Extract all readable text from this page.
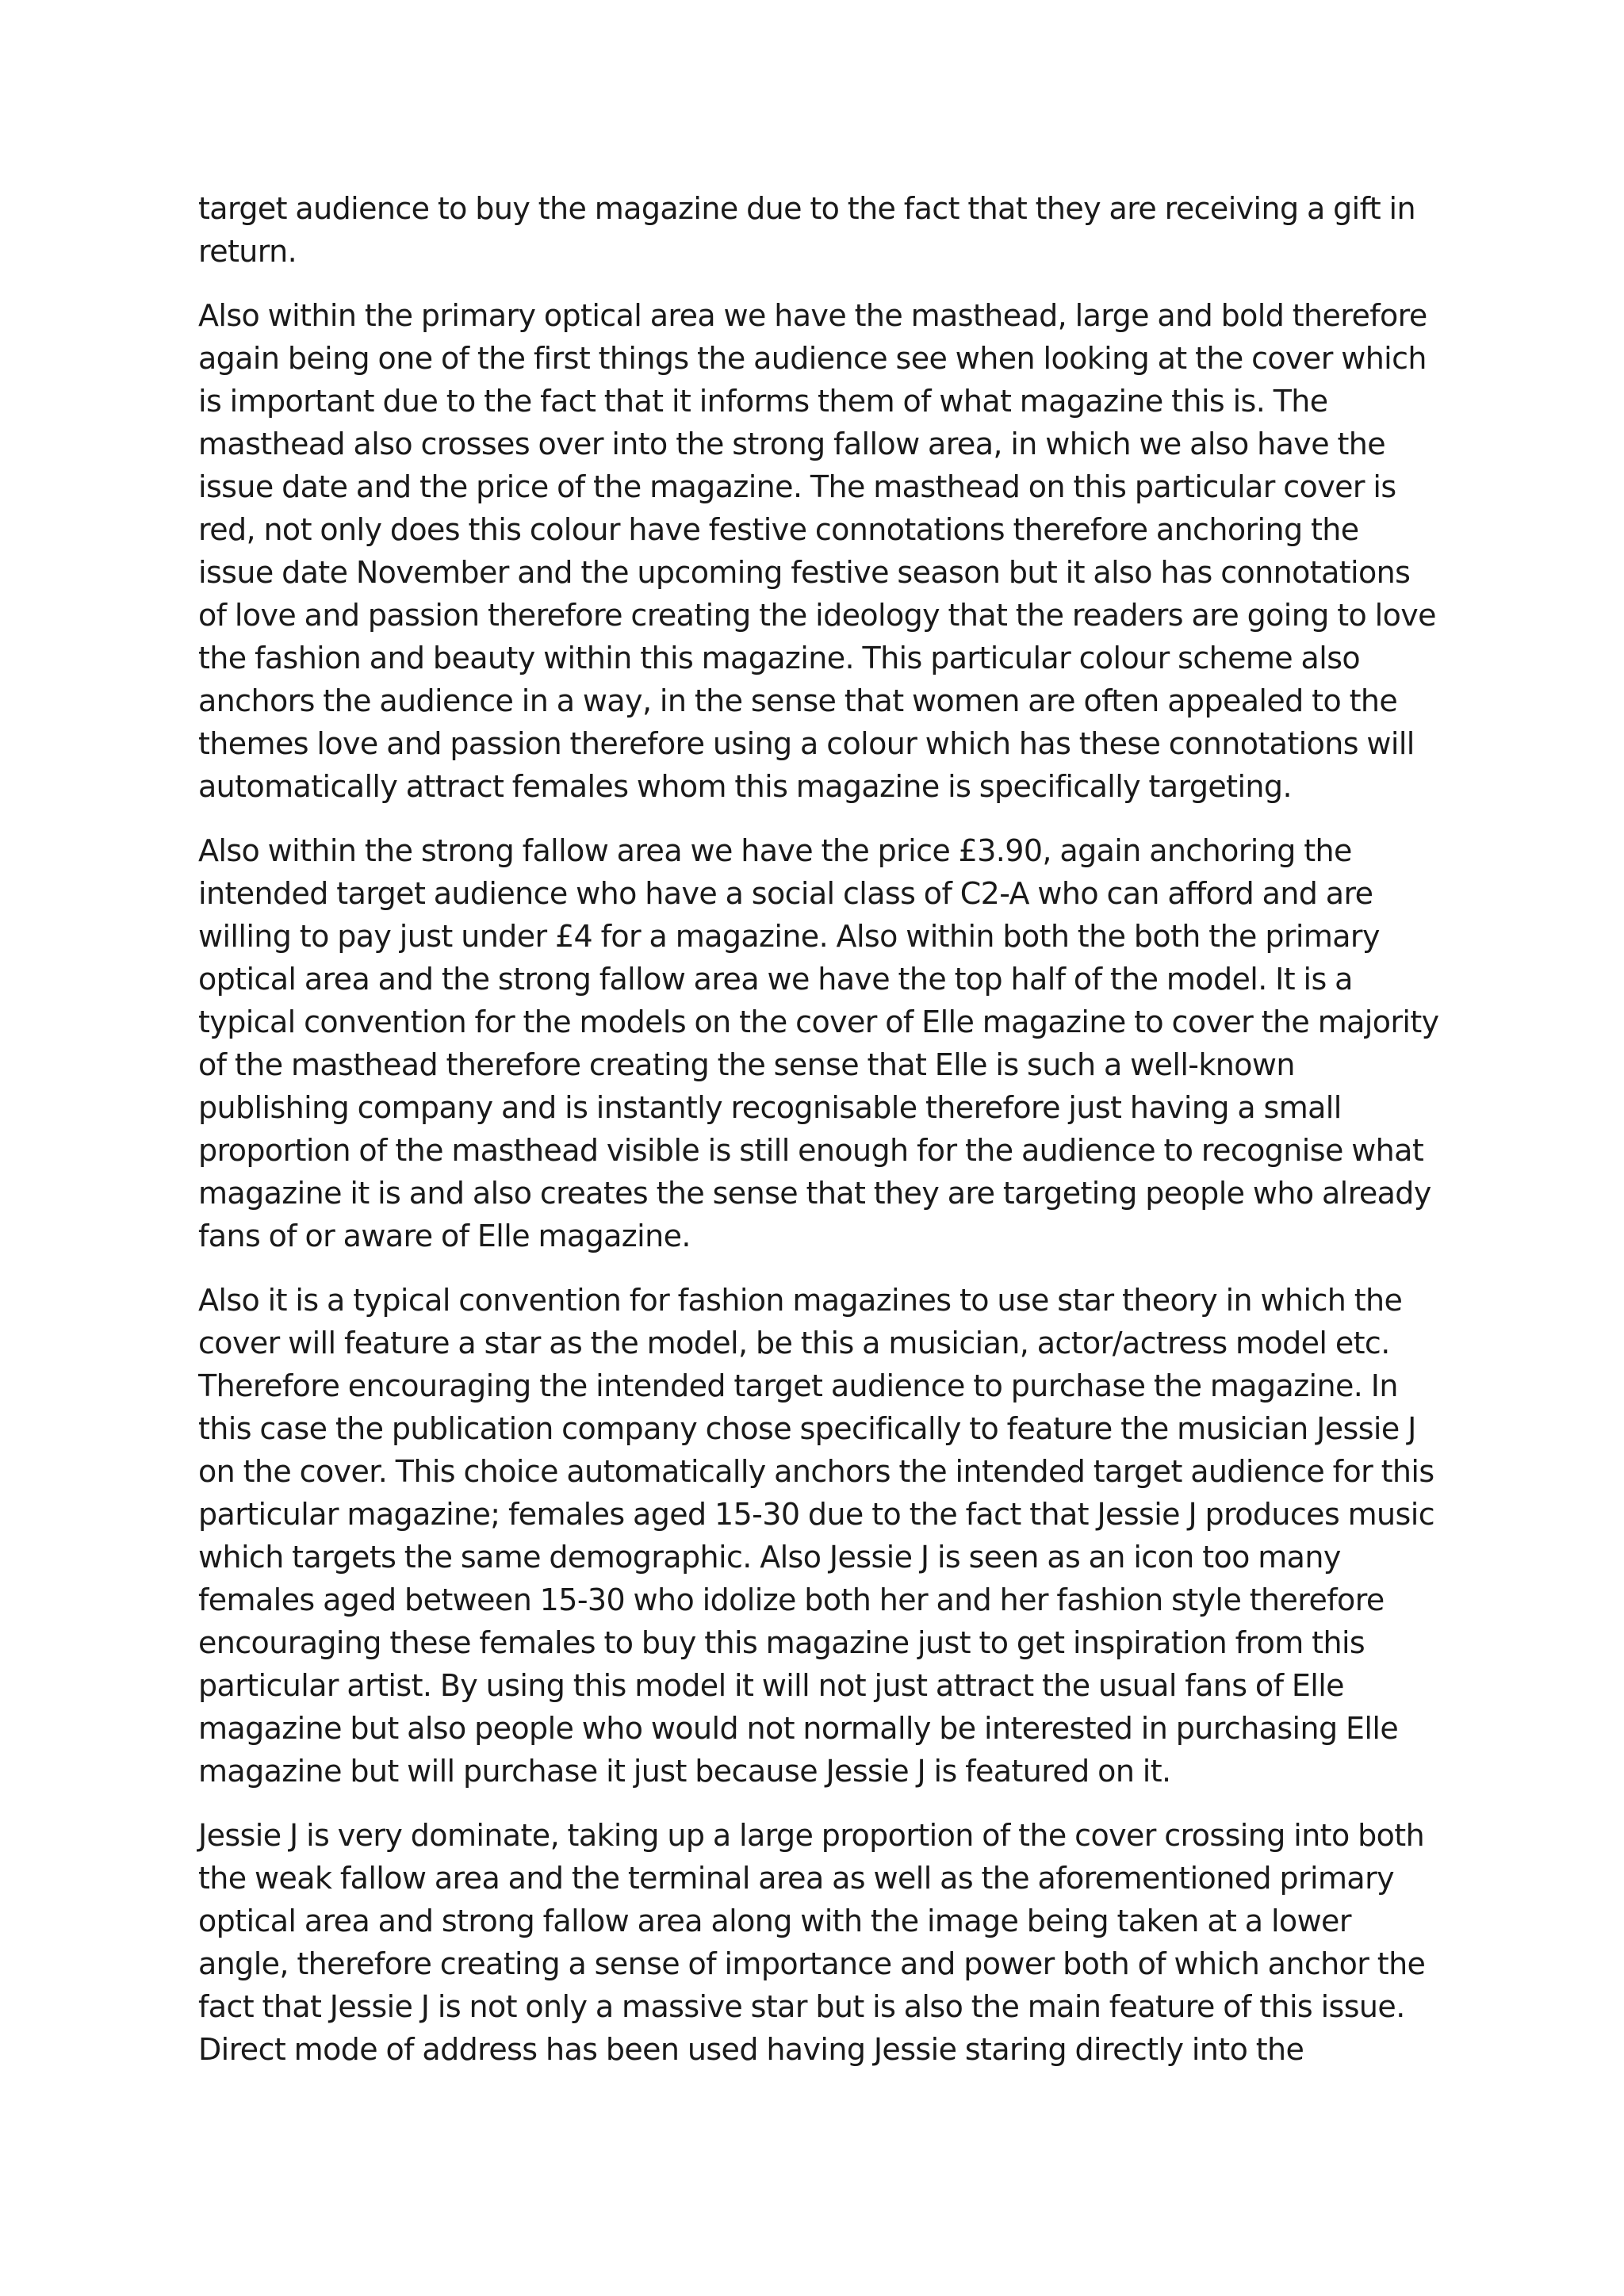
target audience to buy the magazine due to the fact that they are receiving a gift in return.

Also within the primary optical area we have the masthead, large and bold therefore again being one of the first things the audience see when looking at the cover which is important due to the fact that it informs them of what magazine this is. The masthead also crosses over into the strong fallow area, in which we also have the issue date and the price of the magazine. The masthead on this particular cover is red, not only does this colour have festive connotations therefore anchoring the issue date November and the upcoming festive season but it also has connotations of love and passion therefore creating the ideology that the readers are going to love the fashion and beauty within this magazine. This particular colour scheme also anchors the audience in a way, in the sense that women are often appealed to the themes love and passion therefore using a colour which has these connotations will automatically attract females whom this magazine is specifically targeting.

Also within the strong fallow area we have the price £3.90, again anchoring the intended target audience who have a social class of C2-A who can afford and are willing to pay just under £4 for a magazine. Also within both the both the primary optical area and the strong fallow area we have the top half of the model. It is a typical convention for the models on the cover of Elle magazine to cover the majority of the masthead therefore creating the sense that Elle is such a well-known publishing company and is instantly recognisable therefore just having a small proportion of the masthead visible is still enough for the audience to recognise what magazine it is and also creates the sense that they are targeting people who already fans of or aware of Elle magazine.

Also it is a typical convention for fashion magazines to use star theory in which the cover will feature a star as the model, be this a musician, actor/actress model etc. Therefore encouraging the intended target audience to purchase the magazine. In this case the publication company chose specifically to feature the musician Jessie J on the cover. This choice automatically anchors the intended target audience for this particular magazine; females aged 15-30 due to the fact that Jessie J produces music which targets the same demographic. Also Jessie J is seen as an icon too many females aged between 15-30 who idolize both her and her fashion style therefore encouraging these females to buy this magazine just to get inspiration from this particular artist. By using this model it will not just attract the usual fans of Elle magazine but also people who would not normally be interested in purchasing Elle magazine but will purchase it just because Jessie J is featured on it.

Jessie J is very dominate, taking up a large proportion of the cover crossing into both the weak fallow area and the terminal area as well as the aforementioned primary optical area and strong fallow area along with the image being taken at a lower angle, therefore creating a sense of importance and power both of which anchor the fact that Jessie J is not only a massive star but is also the main feature of this issue. Direct mode of address has been used having Jessie staring directly into the
